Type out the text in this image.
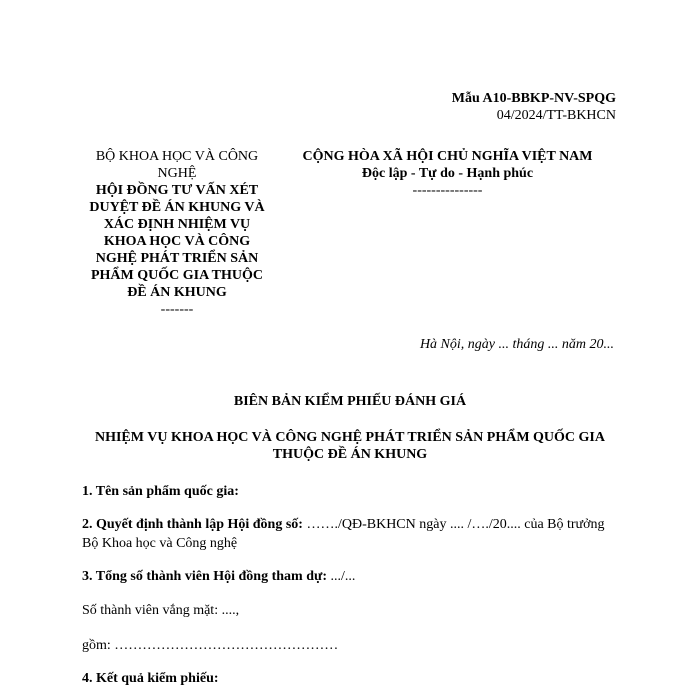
Mẫu A10-BBKP-NV-SPQG
04/2024/TT-BKHCN
BỘ KHOA HỌC VÀ CÔNG NGHỆ
HỘI ĐỒNG TƯ VẤN XÉT DUYỆT ĐỀ ÁN KHUNG VÀ XÁC ĐỊNH NHIỆM VỤ KHOA HỌC VÀ CÔNG NGHỆ PHÁT TRIỂN SẢN PHẨM QUỐC GIA THUỘC ĐỀ ÁN KHUNG
-------
CỘNG HÒA XÃ HỘI CHỦ NGHĨA VIỆT NAM
Độc lập - Tự do - Hạnh phúc
---------------
Hà Nội, ngày ... tháng ... năm 20...
BIÊN BẢN KIỂM PHIẾU ĐÁNH GIÁ
NHIỆM VỤ KHOA HỌC VÀ CÔNG NGHỆ PHÁT TRIỂN SẢN PHẨM QUỐC GIA THUỘC ĐỀ ÁN KHUNG
1. Tên sản phẩm quốc gia:
2. Quyết định thành lập Hội đồng số: ……./QĐ-BKHCN ngày .... /…./20.... của Bộ trưởng Bộ Khoa học và Công nghệ
3. Tổng số thành viên Hội đồng tham dự: .../...
Số thành viên vắng mặt: ....,
gồm: …………………………………………
4. Kết quả kiểm phiếu:
